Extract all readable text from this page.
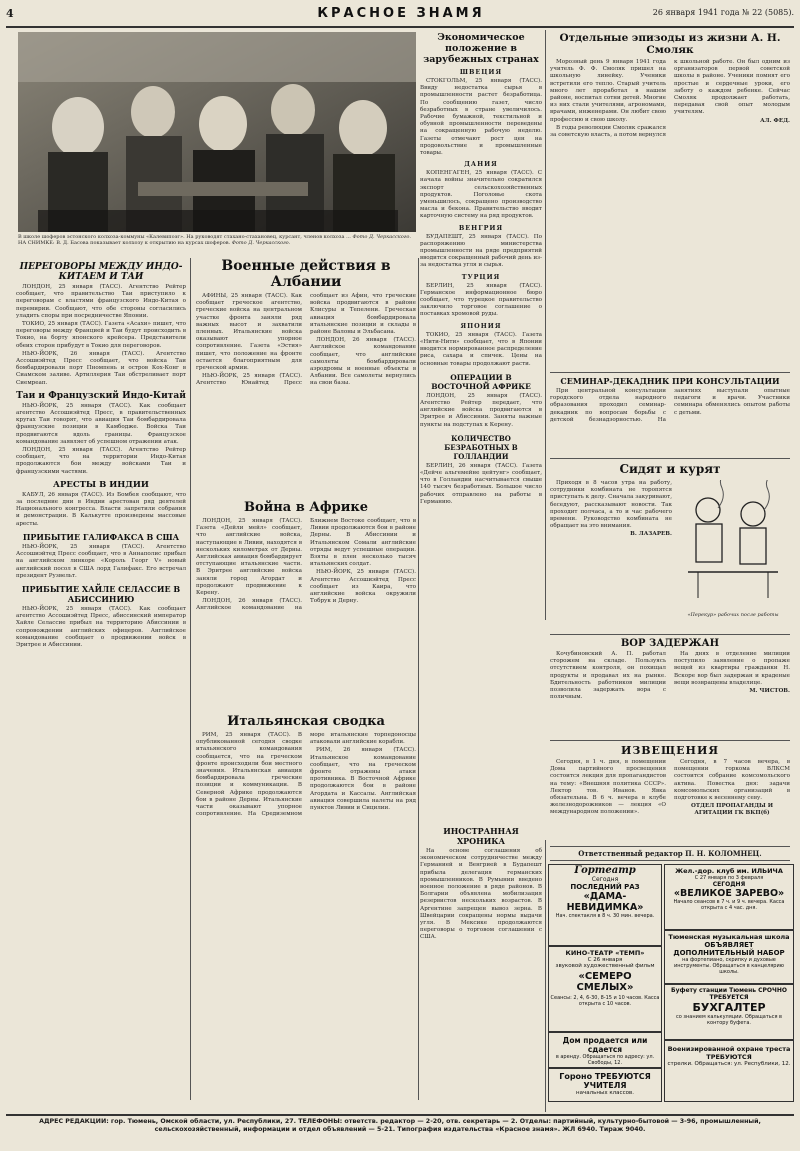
4	КРАСНОЕ ЗНАМЯ	26 января 1941 года № 22 (5085).
В школе шоферов эстонского колхоза-коммуны «Калевипоэг». На руководят стахано-стахановец, курсант, членов колхоза ... Фото Д. Черкасского.
НА СНИМКЕ: В. Д. Басова показывает колхозу к открытию на курсах шоферов. Фото Д. Черкасского.
ПЕРЕГОВОРЫ МЕЖДУ ИНДО-КИТАЕМ И ТАИ

ЛОНДОН, 25 января (ТАСС). Агентство Рейтер сообщает, что правительство Таи приступило к переговорам с властями французского Индо-Китая о перемирии. Сообщают, что обе стороны согласились уладить споры при посредничестве Японии.

ТОКИО, 25 января (ТАСС). Газета «Асахи» пишет, что переговоры между Францией и Таи будут происходить в Токио, на борту японского крейсера. Представители обеих сторон прибудут в Токио для переговоров.

НЬЮ-ЙОРК, 26 января (ТАСС). Агентство Ассошиэйтед Пресс сообщает, что войска Таи бомбардировали порт Пномпень и остров Кох-Конг в Сиамском заливе. Артиллерия Таи обстреливает порт Сиемреап.

Таи и Французский Индо-Китай

НЬЮ-ЙОРК, 25 января (ТАСС). Как сообщает агентство Ассошиэйтед Пресс, в правительственных кругах Таи говорят, что авиация Таи бомбардировала французские позиции в Камбодже. Войска Таи продвигаются вдоль границы. Французское командование заявляет об успешном отражении атак.

ЛОНДОН, 25 января (ТАСС). Агентство Рейтер сообщает, что на территории Индо-Китая продолжаются бои между войсками Таи и французскими частями.

АРЕСТЫ В ИНДИИ

КАБУЛ, 26 января (ТАСС). Из Бомбея сообщают, что за последние дни в Индии арестован ряд деятелей Национального конгресса. Власти запретили собрания и демонстрации. В Калькутте произведены массовые аресты.

ПРИБЫТИЕ ГАЛИФАКСА В США

НЬЮ-ЙОРК, 25 января (ТАСС). Агентство Ассошиэйтед Пресс сообщает, что в Аннаполис прибыл на английском линкоре «Король Георг V» новый английский посол в США лорд Галифакс. Его встречал президент Рузвельт.

ПРИБЫТИЕ ХАЙЛЕ СЕЛАССИЕ В АБИССИНИЮ

НЬЮ-ЙОРК, 25 января (ТАСС). Как сообщает агентство Ассошиэйтед Пресс, абиссинский император Хайле Селассие прибыл на территорию Абиссинии в сопровождении английских офицеров. Английское командование сообщает о продвижении войск в Эритрее и Абиссинии.

Экономическое положение в зарубежных странах
ШВЕЦИЯ

СТОКГОЛЬМ, 25 января (ТАСС). Ввиду недостатка сырья в промышленности растет безработица. По сообщению газет, число безработных в стране увеличилось. Рабочие бумажной, текстильной и обувной промышленности переведены на сокращенную рабочую неделю. Газеты отмечают рост цен на продовольствие и промышленные товары.

ДАНИЯ

КОПЕНГАГЕН, 25 января (ТАСС). С начала войны значительно сократился экспорт сельскохозяйственных продуктов. Поголовье скота уменьшилось, сокращено производство масла и бекона. Правительство вводит карточную систему на ряд продуктов.

ВЕНГРИЯ

БУДАПЕШТ, 25 января (ТАСС). По распоряжению министерства промышленности на ряде предприятий вводится сокращенный рабочий день из-за недостатка угля и сырья.

ТУРЦИЯ

БЕРЛИН, 25 января (ТАСС). Германское информационное бюро сообщает, что турецкое правительство заключило торговое соглашение о поставках хромовой руды.

ЯПОНИЯ

ТОКИО, 25 января (ТАСС). Газета «Нити-Нити» сообщает, что в Японии вводится нормированное распределение риса, сахара и спичек. Цены на основные товары продолжают расти.

ОПЕРАЦИИ В ВОСТОЧНОЙ АФРИКЕ

ЛОНДОН, 25 января (ТАСС). Агентство Рейтер передает, что английские войска продвигаются в Эритрее и Абиссинии. Заняты важные пункты на подступах к Керену.

КОЛИЧЕСТВО БЕЗРАБОТНЫХ В ГОЛЛАНДИИ

БЕРЛИН, 26 января (ТАСС). Газета «Дейче альгемейне цейтунг» сообщает, что в Голландии насчитывается свыше 140 тысяч безработных. Большое число рабочих отправлено на работы в Германию.

ИНОСТРАННАЯ ХРОНИКА

На основе соглашения об экономическом сотрудничестве между Германией и Венгрией в Будапешт прибыла делегация германских промышленников. В Румынии введено военное положение в ряде районов. В Болгарии объявлена мобилизация резервистов нескольких возрастов. В Аргентине запрещен вывоз зерна. В Швейцарии сокращены нормы выдачи угля. В Мексике продолжаются переговоры о торговом соглашении с США.

Военные действия в Албании

АФИНЫ, 25 января (ТАСС). Как сообщает греческое агентство, греческие войска на центральном участке фронта заняли ряд важных высот и захватили пленных. Итальянские войска оказывают упорное сопротивление. Газета «Эстия» пишет, что положение на фронте остается благоприятным для греческой армии.

НЬЮ-ЙОРК, 25 января (ТАСС). Агентство Юнайтед Пресс сообщает из Афин, что греческие войска продвигаются в районе Клисуры и Тепелени. Греческая авиация бомбардировала итальянские позиции и склады в районе Валоны и Эльбасана.

ЛОНДОН, 26 января (ТАСС). Английское командование сообщает, что английские самолеты бомбардировали аэродромы и военные объекты в Албании. Все самолеты вернулись на свои базы.

Война в Африке

ЛОНДОН, 25 января (ТАСС). Газета «Дейли мейл» сообщает, что английские войска, наступающие в Ливии, находятся в нескольких километрах от Дерны. Английская авиация бомбардирует отступающие итальянские части. В Эритрее английские войска заняли город Агордат и продолжают продвижение к Керену.

ЛОНДОН, 26 января (ТАСС). Английское командование на Ближнем Востоке сообщает, что в Ливии продолжаются бои в районе Дерны. В Абиссинии и Итальянском Сомали английские отряды ведут успешные операции. Взяты в плен несколько тысяч итальянских солдат.

НЬЮ-ЙОРК, 25 января (ТАСС). Агентство Ассошиэйтед Пресс сообщает из Каира, что английские войска окружили Тобрук и Дерну.

Итальянская сводка

РИМ, 25 января (ТАСС). В опубликованной сегодня сводке итальянского командования сообщается, что на греческом фронте происходили бои местного значения. Итальянская авиация бомбардировала греческие позиции и коммуникации. В Северной Африке продолжаются бои в районе Дерны. Итальянские части оказывают упорное сопротивление. На Средиземном море итальянские торпедоносцы атаковали английские корабли.

РИМ, 26 января (ТАСС). Итальянское командование сообщает, что на греческом фронте отражены атаки противника. В Восточной Африке продолжаются бои в районе Агордата и Кассалы. Английская авиация совершила налеты на ряд пунктов Ливии и Сицилии.

Отдельные эпизоды из жизни А. Н. Смоляк

Морозный день 9 января 1941 года учитель Ф. Ф. Смоляк пришел на школьную линейку. Ученики встретили его тепло. Старый учитель много лет проработал в нашем районе, воспитал сотни детей. Многие из них стали учителями, агрономами, врачами, инженерами. Он любит свою профессию и свою школу.

В годы революции Смоляк сражался за советскую власть, а потом вернулся к школьной работе. Он был одним из организаторов первой советской школы в районе. Ученики помнят его простые и сердечные уроки, его заботу о каждом ребенке. Сейчас Смоляк продолжает работать, передавая свой опыт молодым учителям.

АЛ. ФЕД.

СЕМИНАР-ДЕКАДНИК ПРИ КОНСУЛЬТАЦИИ

При центральной консультации городского отдела народного образования проходил семинар-декадник по вопросам борьбы с детской безнадзорностью. На занятиях выступали опытные педагоги и врачи. Участники семинара обменялись опытом работы с детьми.

Сидят и курят

Приходя в 8 часов утра на работу, сотрудники комбината не торопятся приступать к делу. Сначала закуривают, беседуют, рассказывают новости. Так проходит полчаса, а то и час рабочего времени. Руководство комбината не обращает на это внимания.

В. ЛАЗАРЕВ.

«Перекур» рабочих после работы
ВОР ЗАДЕРЖАН

Кочубиновский А. П. работал сторожем на складе. Пользуясь отсутствием контроля, он похищал продукты и продавал их на рынке. Бдительность работников милиции позволила задержать вора с поличным.

На днях в отделение милиции поступило заявление о пропаже вещей из квартиры гражданки Н. Вскоре вор был задержан и краденые вещи возвращены владелице.

М. ЧИСТОВ.

ИЗВЕЩЕНИЯ

Сегодня, в 1 ч. дня, в помещении Дома партийного просвещения состоится лекция для пропагандистов на тему: «Внешняя политика СССР». Лектор тов. Иванов. Явка обязательна. В 6 ч. вечера в клубе железнодорожников — лекция «О международном положении».

Сегодня, в 7 часов вечера, в помещении горкома ВЛКСМ состоится собрание комсомольского актива. Повестка дня: задачи комсомольских организаций в подготовке к весеннему севу.

ОТДЕЛ ПРОПАГАНДЫ И АГИТАЦИИ ГК ВКП(б)

Ответственный редактор П. Н. КОЛОМНЕЦ.
Гортеатр
Сегодня
ПОСЛЕДНИЙ РАЗ
«ДАМА-НЕВИДИМКА»
Нач. спектакля в 8 ч. 30 мин. вечера.
КИНО-ТЕАТР «ТЕМП»
С 26 января
звуковой художественный фильм
«СЕМЕРО СМЕЛЫХ»
Сеансы: 2, 4, 6-30, 8-15 и 10 часов. Касса открыта с 10 часов.
Дом продается или сдается
в аренду. Обращаться по адресу: ул. Свободы, 12.
Гороно ТРЕБУЮТСЯ УЧИТЕЛЯ
начальных классов.
Жел.-дор. клуб им. ИЛЬИЧА
С 27 января по 3 февраля
СЕГОДНЯ
«ВЕЛИКОЕ ЗАРЕВО»
Начало сеансов в 7 ч. и 9 ч. вечера. Касса открыта с 4 час. дня.
Тюменская музыкальная школа
ОБЪЯВЛЯЕТ ДОПОЛНИТЕЛЬНЫЙ НАБОР
на фортепиано, скрипку и духовые инструменты. Обращаться в канцелярию школы.
Буфету станции Тюмень СРОЧНО ТРЕБУЕТСЯ
БУХГАЛТЕР
со знанием калькуляции. Обращаться в контору буфета.
Военизированной охране треста ТРЕБУЮТСЯ
стрелки. Обращаться: ул. Республики, 12.
АДРЕС РЕДАКЦИИ: гор. Тюмень, Омской области, ул. Республики, 27. ТЕЛЕФОНЫ: ответств. редактор — 2-20, отв. секретарь — 2. Отделы: партийный, культурно-бытовой — 3-96, промышленный, сельскохозяйственный, информации и отдел объявлений — 5-21. Типография издательства «Красное знамя». ЖЛ 6940. Тираж 9040.
